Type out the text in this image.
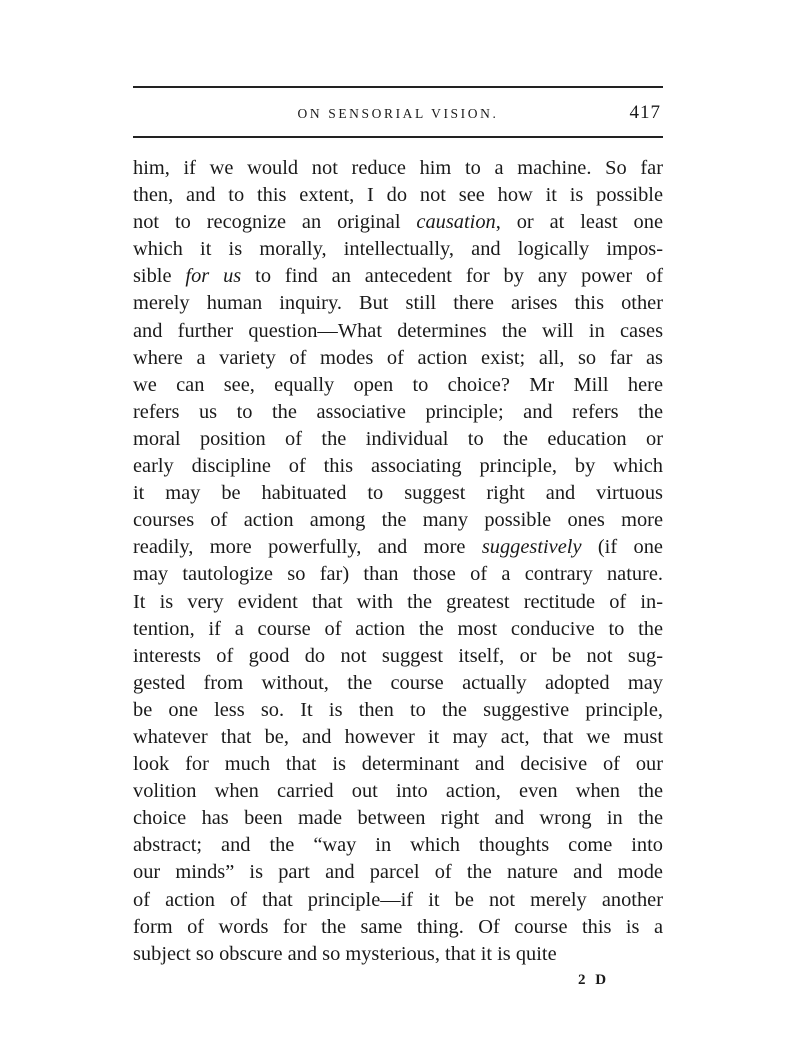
ON SENSORIAL VISION.	417
him, if we would not reduce him to a machine. So far
then, and to this extent, I do not see how it is possible
not to recognize an original causation, or at least one
which it is morally, intellectually, and logically impos-
sible for us to find an antecedent for by any power of
merely human inquiry. But still there arises this other
and further question—What determines the will in cases
where a variety of modes of action exist; all, so far as
we can see, equally open to choice? Mr Mill here
refers us to the associative principle; and refers the
moral position of the individual to the education or
early discipline of this associating principle, by which
it may be habituated to suggest right and virtuous
courses of action among the many possible ones more
readily, more powerfully, and more suggestively (if one
may tautologize so far) than those of a contrary nature.
It is very evident that with the greatest rectitude of in-
tention, if a course of action the most conducive to the
interests of good do not suggest itself, or be not sug-
gested from without, the course actually adopted may
be one less so. It is then to the suggestive principle,
whatever that be, and however it may act, that we must
look for much that is determinant and decisive of our
volition when carried out into action, even when the
choice has been made between right and wrong in the
abstract; and the “way in which thoughts come into
our minds” is part and parcel of the nature and mode
of action of that principle—if it be not merely another
form of words for the same thing. Of course this is a
subject so obscure and so mysterious, that it is quite
2 D
